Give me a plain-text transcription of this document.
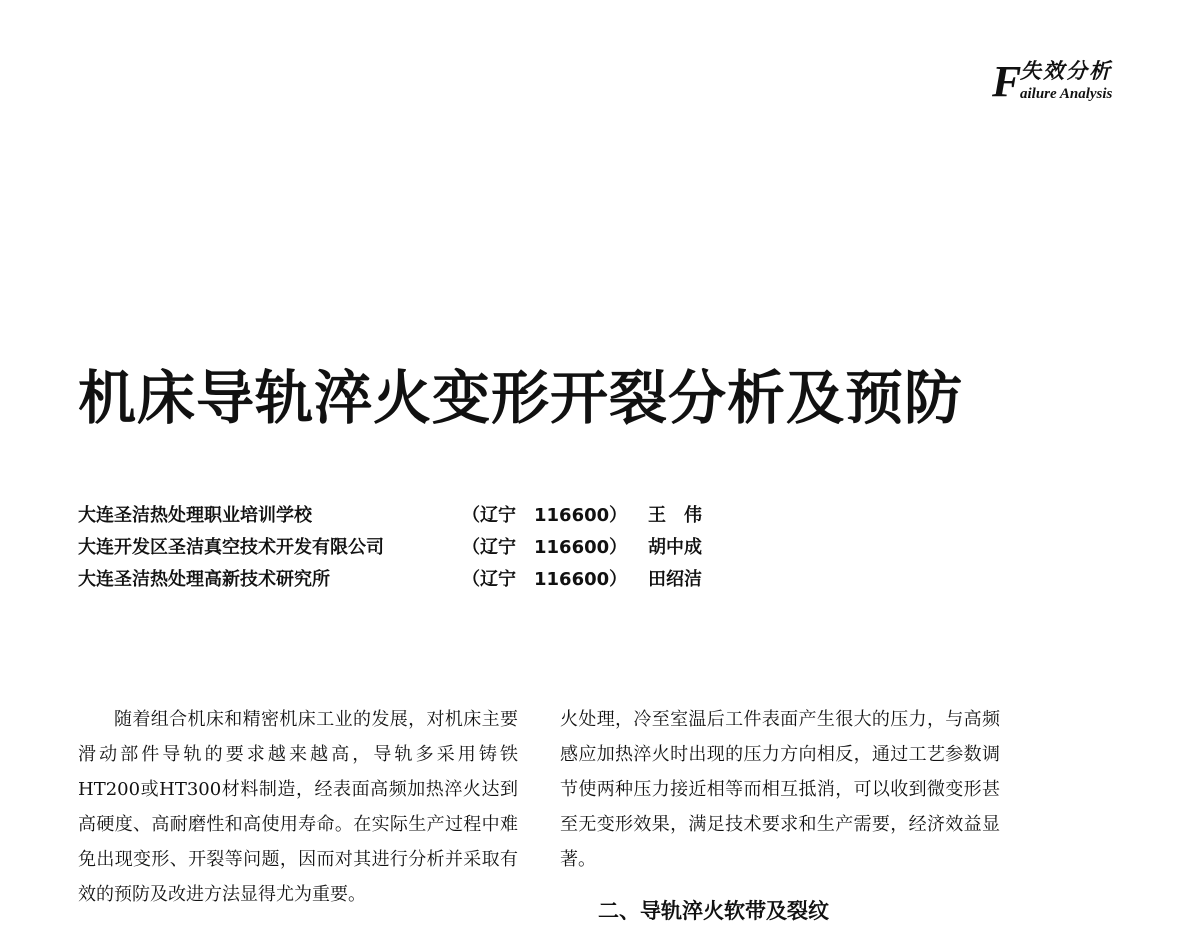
F
失效分析
ailure Analysis
机床导轨淬火变形开裂分析及预防
大连圣洁热处理职业培训学校	（辽宁　116600） 王　伟
大连开发区圣洁真空技术开发有限公司	（辽宁　116600） 胡中成
大连圣洁热处理高新技术研究所	（辽宁　116600） 田绍洁

随着组合机床和精密机床工业的发展，对机床主要滑动部件导轨的要求越来越高，导轨多采用铸铁HT200或HT300材料制造，经表面高频加热淬火达到高硬度、高耐磨性和高使用寿命。在实际生产过程中难免出现变形、开裂等问题，因而对其进行分析并采取有效的预防及改进方法显得尤为重要。

火处理，冷至室温后工件表面产生很大的压力，与高频感应加热淬火时出现的压力方向相反，通过工艺参数调节使两种压力接近相等而相互抵消，可以收到微变形甚至无变形效果，满足技术要求和生产需要，经济效益显著。

二、导轨淬火软带及裂纹
